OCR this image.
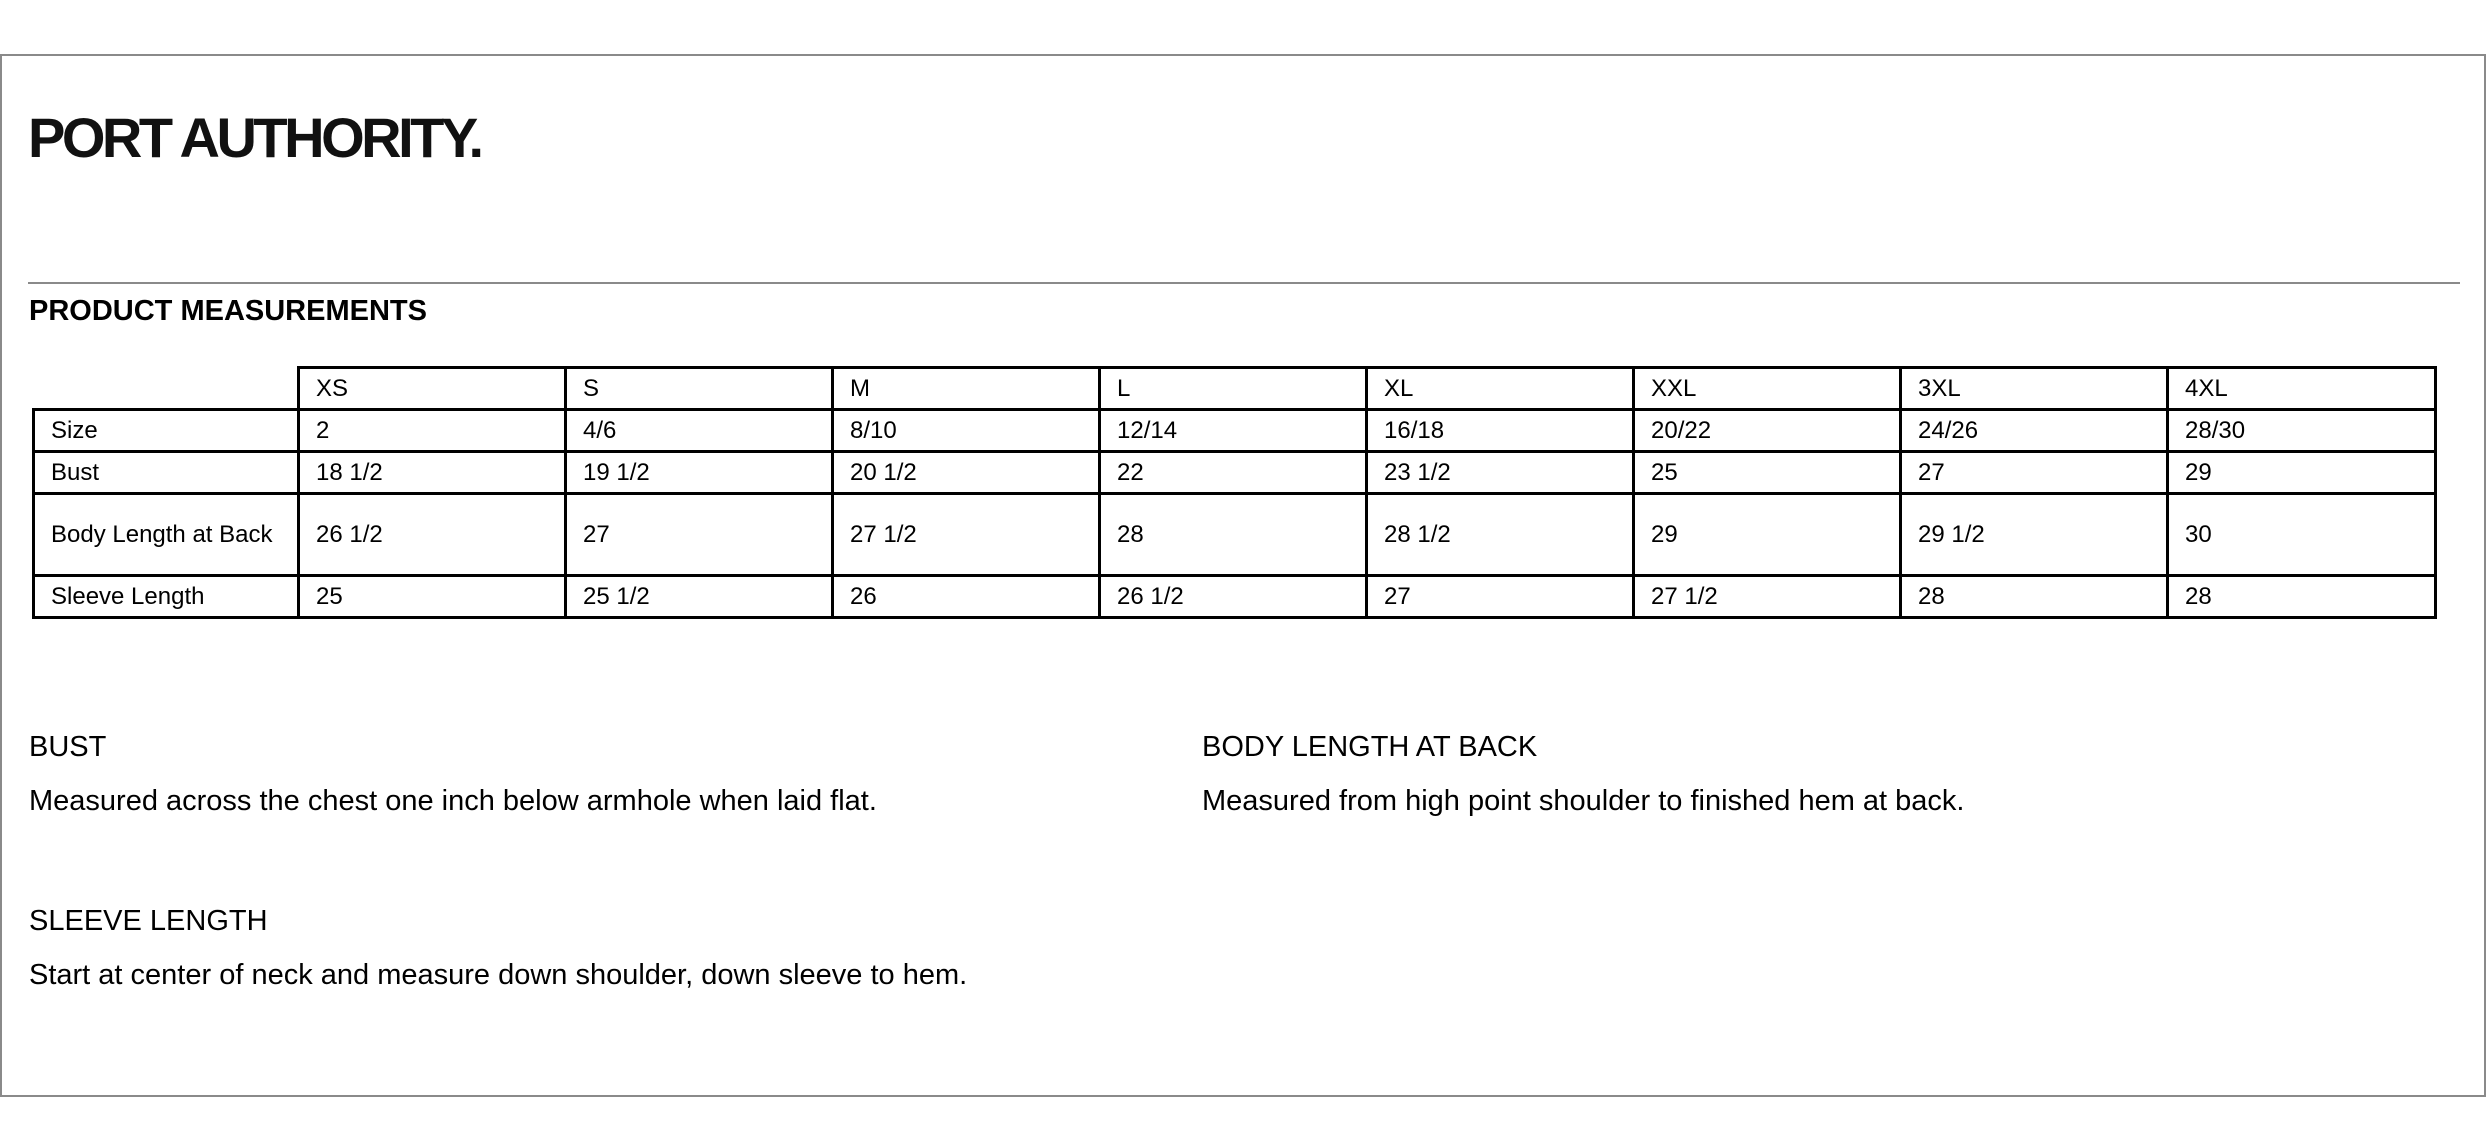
PORT AUTHORITY.
PRODUCT MEASUREMENTS
	XS	S	M	L	XL	XXL	3XL	4XL
Size	2	4/6	8/10	12/14	16/18	20/22	24/26	28/30
Bust	18 1/2	19 1/2	20 1/2	22	23 1/2	25	27	29
Body Length at Back	26 1/2	27	27 1/2	28	28 1/2	29	29 1/2	30
Sleeve Length	25	25 1/2	26	26 1/2	27	27 1/2	28	28
BUST
Measured across the chest one inch below armhole when laid flat.
BODY LENGTH AT BACK
Measured from high point shoulder to finished hem at back.
SLEEVE LENGTH
Start at center of neck and measure down shoulder, down sleeve to hem.
